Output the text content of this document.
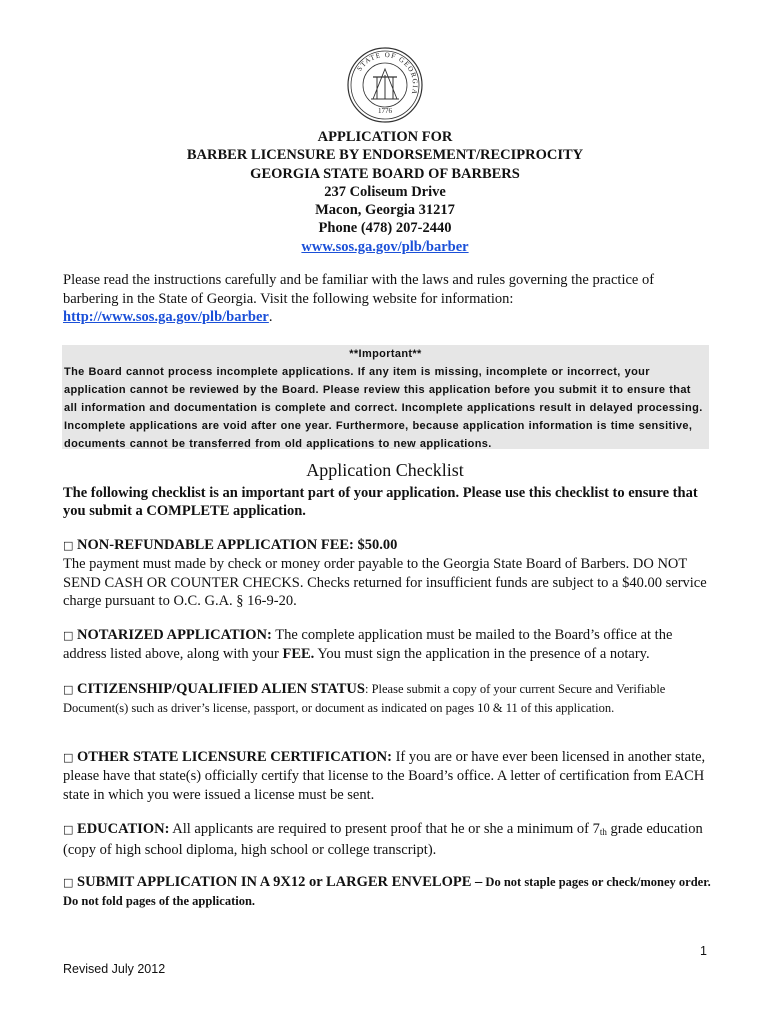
STATE OF GEORGIA
1776
APPLICATION FOR
BARBER LICENSURE BY ENDORSEMENT/RECIPROCITY
GEORGIA STATE BOARD OF BARBERS
237 Coliseum Drive
Macon, Georgia 31217
Phone (478) 207-2440
www.sos.ga.gov/plb/barber
Please read the instructions carefully and be familiar with the laws and rules governing the practice of barbering in the State of Georgia. Visit the following website for information: http://www.sos.ga.gov/plb/barber.
**Important**
The Board cannot process incomplete applications. If any item is missing, incomplete or incorrect, your application cannot be reviewed by the Board. Please review this application before you submit it to ensure that all information and documentation is complete and correct. Incomplete applications result in delayed processing. Incomplete applications are void after one year. Furthermore, because application information is time sensitive, documents cannot be transferred from old applications to new applications.
Application Checklist
The following checklist is an important part of your application. Please use this checklist to ensure that you submit a COMPLETE application.
□ NON-REFUNDABLE APPLICATION FEE: $50.00
The payment must made by check or money order payable to the Georgia State Board of Barbers. DO NOT SEND CASH OR COUNTER CHECKS. Checks returned for insufficient funds are subject to a $40.00 service charge pursuant to O.C. G.A. § 16-9-20.
□ NOTARIZED APPLICATION: The complete application must be mailed to the Board’s office at the address listed above, along with your FEE. You must sign the application in the presence of a notary.
□ CITIZENSHIP/QUALIFIED ALIEN STATUS: Please submit a copy of your current Secure and Verifiable Document(s) such as driver’s license, passport, or document as indicated on pages 10 & 11 of this application.
□ OTHER STATE LICENSURE CERTIFICATION: If you are or have ever been licensed in another state, please have that state(s) officially certify that license to the Board’s office. A letter of certification from EACH state in which you were issued a license must be sent.
□ EDUCATION: All applicants are required to present proof that he or she a minimum of $7_{th}$ grade education (copy of high school diploma, high school or college transcript).
□ SUBMIT APPLICATION IN A 9X12 or LARGER ENVELOPE – Do not staple pages or check/money order. Do not fold pages of the application.
1
Revised July 2012
